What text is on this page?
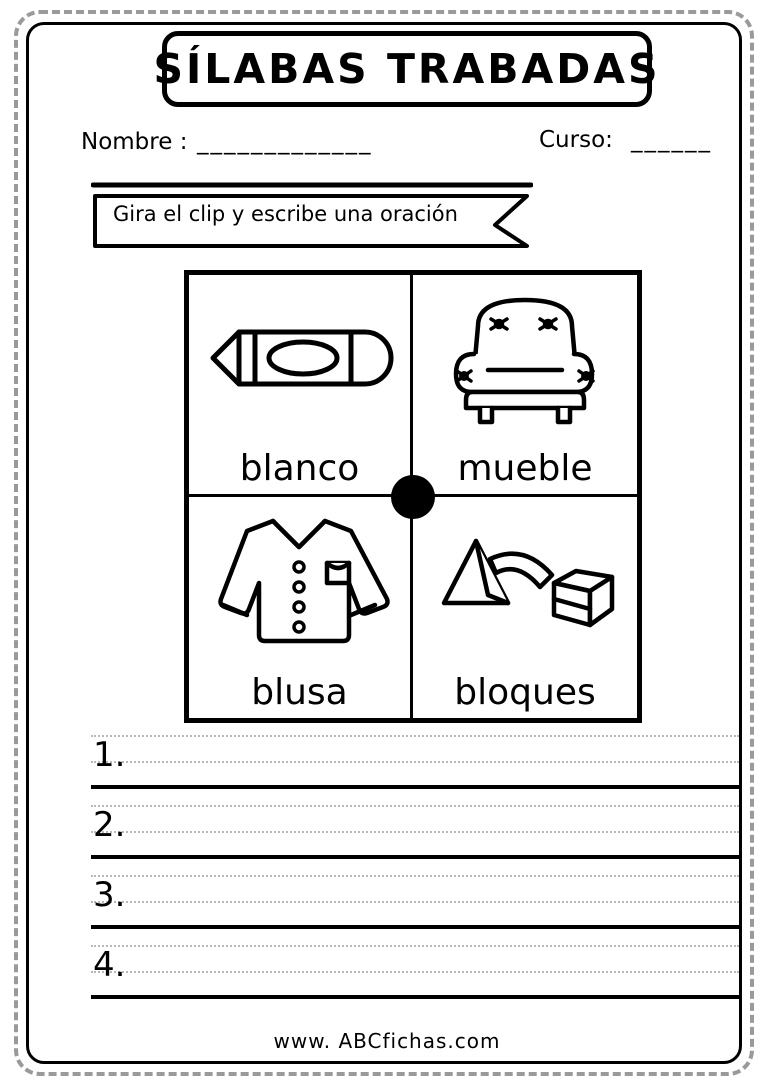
SÍLABAS TRABADAS
Nombre : _____________	Curso: ______
Gira el clip y escribe una oración
blanco	mueble
blusa	bloques
1.
2.
3.
4.
www. ABCfichas.com
